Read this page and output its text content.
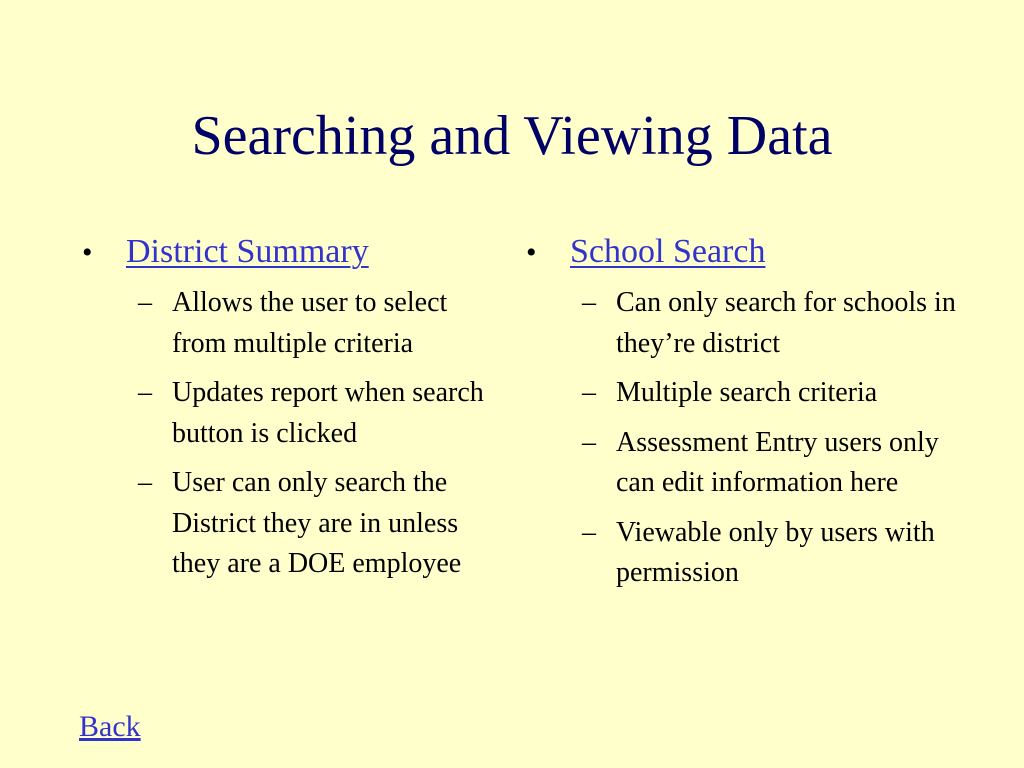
Searching and Viewing Data
• District Summary
– Allows the user to select from multiple criteria
– Updates report when search button is clicked
– User can only search the District they are in unless they are a DOE employee
• School Search
– Can only search for schools in they’re district
– Multiple search criteria
– Assessment Entry users only can edit information here
– Viewable only by users with permission
Back
